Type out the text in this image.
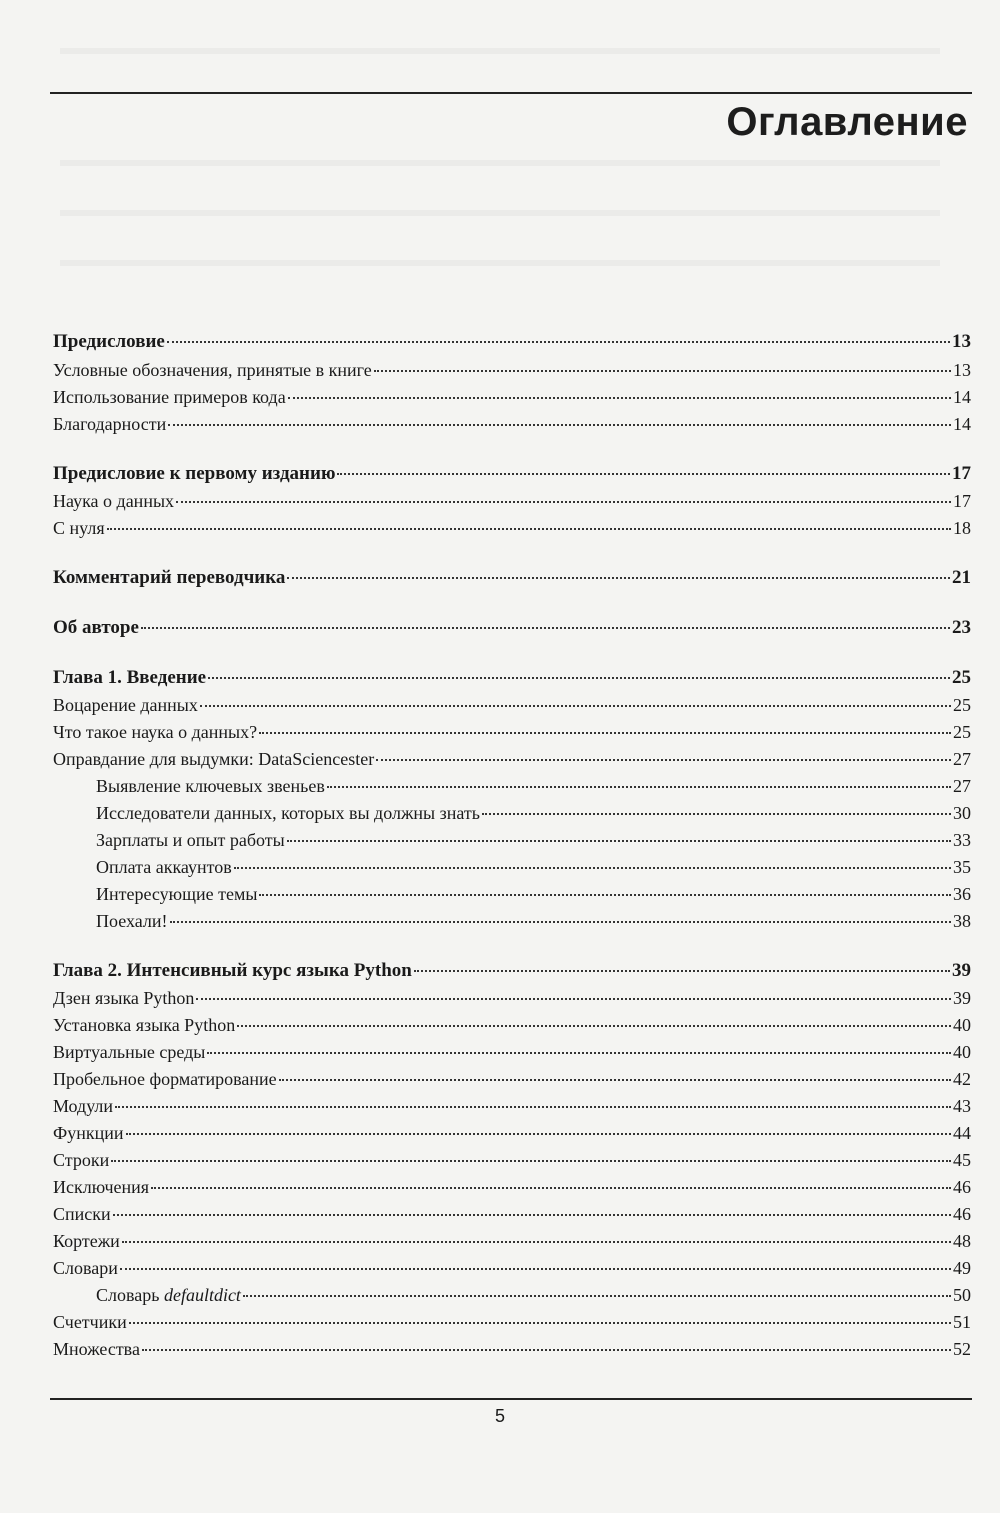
Оглавление
Предисловие	13
Условные обозначения, принятые в книге	13
Использование примеров кода	14
Благодарности	14
Предисловие к первому изданию	17
Наука о данных	17
С нуля	18
Комментарий переводчика	21
Об авторе	23
Глава 1. Введение	25
Воцарение данных	25
Что такое наука о данных?	25
Оправдание для выдумки: DataSciencester	27
Выявление ключевых звеньев	27
Исследователи данных, которых вы должны знать	30
Зарплаты и опыт работы	33
Оплата аккаунтов	35
Интересующие темы	36
Поехали!	38
Глава 2. Интенсивный курс языка Python	39
Дзен языка Python	39
Установка языка Python	40
Виртуальные среды	40
Пробельное форматирование	42
Модули	43
Функции	44
Строки	45
Исключения	46
Списки	46
Кортежи	48
Словари	49
Словарь defaultdict	50
Счетчики	51
Множества	52
5
